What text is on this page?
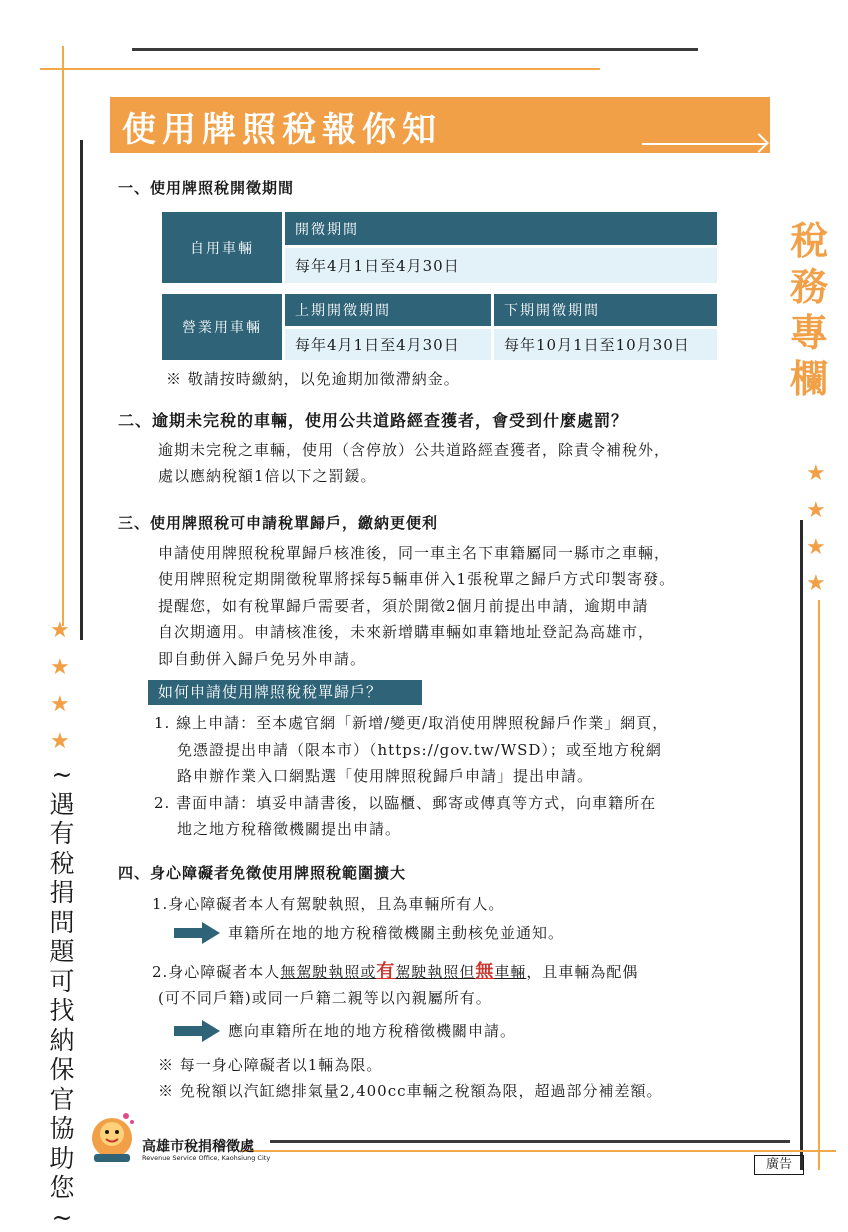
使用牌照稅報你知
稅務專欄
★
★
★
★
★
★
★
★
~遇有稅捐問題可找納保官協助您~
一、使用牌照稅開徵期間
自用車輛
開徵期間
每年4月1日至4月30日
營業用車輛
上期開徵期間	下期開徵期間
每年4月1日至4月30日	每年10月1日至10月30日
※ 敬請按時繳納，以免逾期加徵滯納金。
二、逾期未完稅的車輛，使用公共道路經查獲者，會受到什麼處罰？
逾期未完稅之車輛，使用（含停放）公共道路經查獲者，除責令補稅外，
處以應納稅額1倍以下之罰鍰。
三、使用牌照稅可申請稅單歸戶，繳納更便利
申請使用牌照稅稅單歸戶核准後，同一車主名下車籍屬同一縣市之車輛，
使用牌照稅定期開徵稅單將採每5輛車併入1張稅單之歸戶方式印製寄發。
提醒您，如有稅單歸戶需要者，須於開徵2個月前提出申請，逾期申請
自次期適用。申請核准後，未來新增購車輛如車籍地址登記為高雄市，
即自動併入歸戶免另外申請。
如何申請使用牌照稅稅單歸戶？
1. 線上申請：至本處官網「新增/變更/取消使用牌照稅歸戶作業」網頁，
免憑證提出申請（限本市）（https://gov.tw/WSD）；或至地方稅網
路申辦作業入口網點選「使用牌照稅歸戶申請」提出申請。
2. 書面申請：填妥申請書後，以臨櫃、郵寄或傳真等方式，向車籍所在
地之地方稅稽徵機關提出申請。
四、身心障礙者免徵使用牌照稅範圍擴大
1.身心障礙者本人有駕駛執照，且為車輛所有人。
車籍所在地的地方稅稽徵機關主動核免並通知。
2.身心障礙者本人無駕駛執照或有駕駛執照但無車輛，且車輛為配偶
(可不同戶籍)或同一戶籍二親等以內親屬所有。
應向車籍所在地的地方稅稽徵機關申請。
※ 每一身心障礙者以1輛為限。
※ 免稅額以汽缸總排氣量2,400cc車輛之稅額為限，超過部分補差額。
高雄市稅捐稽徵處
Revenue Service Office, Kaohsiung City	廣告
